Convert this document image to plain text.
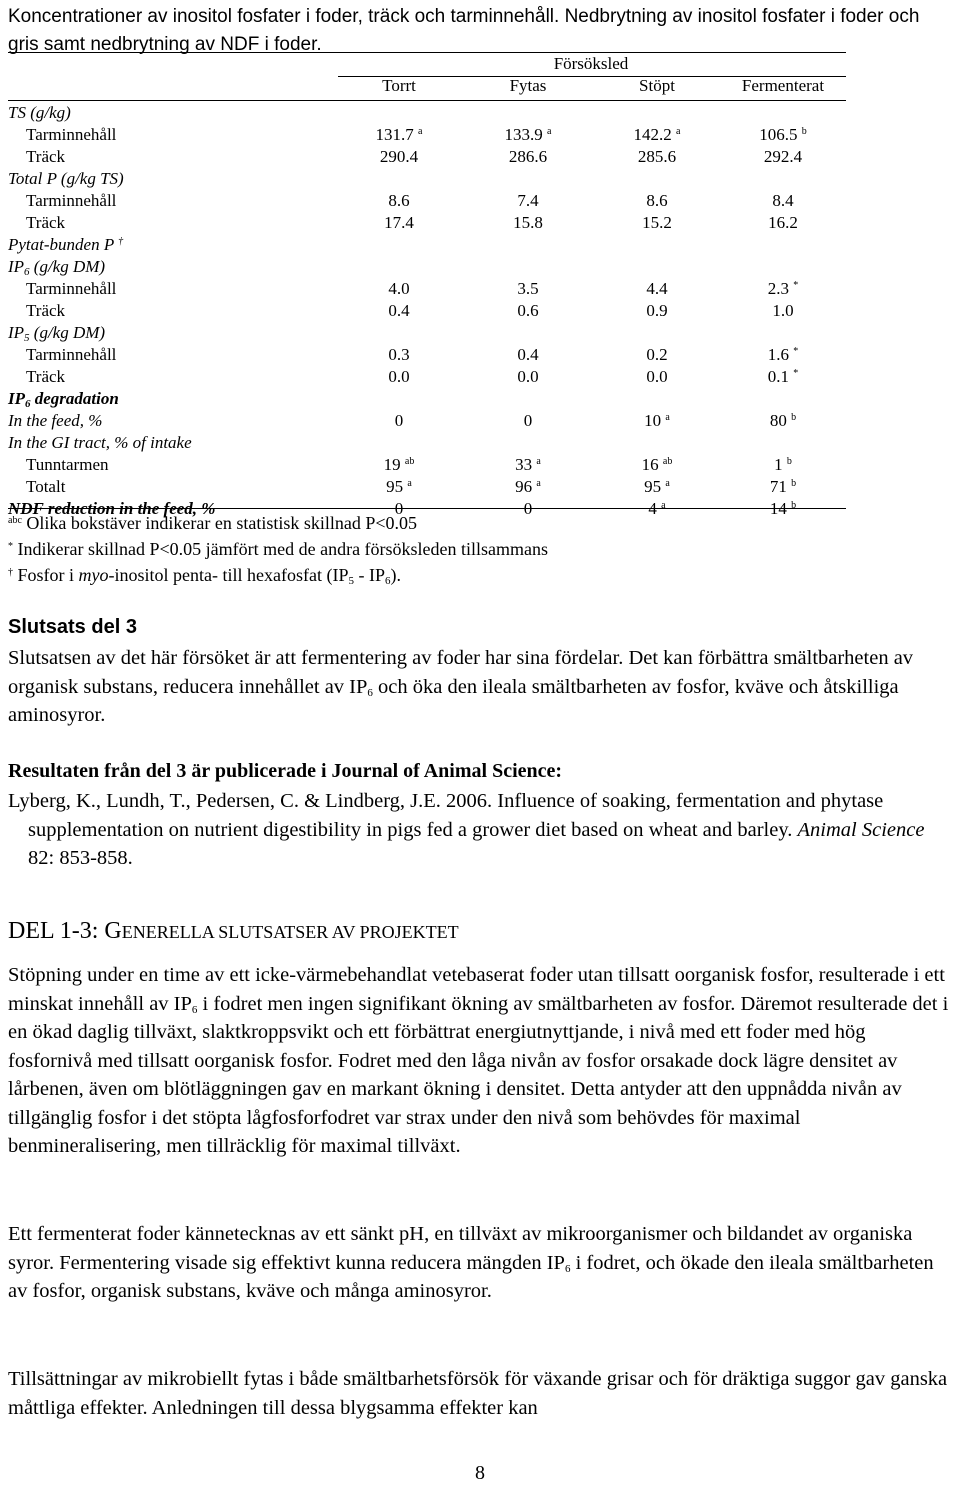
Koncentrationer av inositol fosfater i foder, träck och tarminnehåll. Nedbrytning av inositol fosfater i foder och gris samt nedbrytning av NDF i foder.
Försöksled
Torrt	Fytas	Stöpt	Fermenterat
TS (g/kg)
Tarminnehåll	131.7 $^a$	133.9 $^a$	142.2 $^a$	106.5 $^b$
Träck	290.4	286.6	285.6	292.4
Total P (g/kg TS)
Tarminnehåll	8.6	7.4	8.6	8.4
Träck	17.4	15.8	15.2	16.2
Pytat-bunden P †
$IP_6$ (g/kg DM)
Tarminnehåll	4.0	3.5	4.4	2.3 *
Träck	0.4	0.6	0.9	1.0
$IP_5$ (g/kg DM)
Tarminnehåll	0.3	0.4	0.2	1.6 *
Träck	0.0	0.0	0.0	0.1 *
$IP_6$ degradation
In the feed, %	0	0	10 $^a$	80 $^b$
In the GI tract, % of intake
Tunntarmen	19 $^{ab}$	33 $^a$	16 $^{ab}$	1 $^b$
Totalt	95 $^a$	96 $^a$	95 $^a$	71 $^b$
NDF reduction in the feed, %	0	0	4 $^a$	14 $^b$
$^{abc}$ Olika bokstäver indikerar en statistisk skillnad P<0.05
* Indikerar skillnad P<0.05 jämfört med de andra försöksleden tillsammans
† Fosfor i myo-inositol penta- till hexafosfat $(IP_5 - IP_6)$.
Slutsats del 3

Slutsatsen av det här försöket är att fermentering av foder har sina fördelar. Det kan förbättra smältbarheten av organisk substans, reducera innehållet av $IP_6$ och öka den ileala smältbarheten av fosfor, kväve och åtskilliga aminosyror.

Resultaten från del 3 är publicerade i Journal of Animal Science:
Lyberg, K., Lundh, T., Pedersen, C. & Lindberg, J.E. 2006. Influence of soaking, fermentation and phytase supplementation on nutrient digestibility in pigs fed a grower diet based on wheat and barley. Animal Science 82: 853-858.
DEL 1-3: GENERELLA SLUTSATSER AV PROJEKTET

Stöpning under en time av ett icke-värmebehandlat vetebaserat foder utan tillsatt oorganisk fosfor, resulterade i ett minskat innehåll av $IP_6$ i fodret men ingen signifikant ökning av smältbarheten av fosfor. Däremot resulterade det i en ökad daglig tillväxt, slaktkroppsvikt och ett förbättrat energiutnyttjande, i nivå med ett foder med hög fosfornivå med tillsatt oorganisk fosfor. Fodret med den låga nivån av fosfor orsakade dock lägre densitet av lårbenen, även om blötläggningen gav en markant ökning i densitet. Detta antyder att den uppnådda nivån av tillgänglig fosfor i det stöpta lågfosforfodret var strax under den nivå som behövdes för maximal benmineralisering, men tillräcklig för maximal tillväxt.

Ett fermenterat foder kännetecknas av ett sänkt pH, en tillväxt av mikroorganismer och bildandet av organiska syror. Fermentering visade sig effektivt kunna reducera mängden $IP_6$ i fodret, och ökade den ileala smältbarheten av fosfor, organisk substans, kväve och många aminosyror.

Tillsättningar av mikrobiellt fytas i både smältbarhetsförsök för växande grisar och för dräktiga suggor gav ganska måttliga effekter. Anledningen till dessa blygsamma effekter kan

8
